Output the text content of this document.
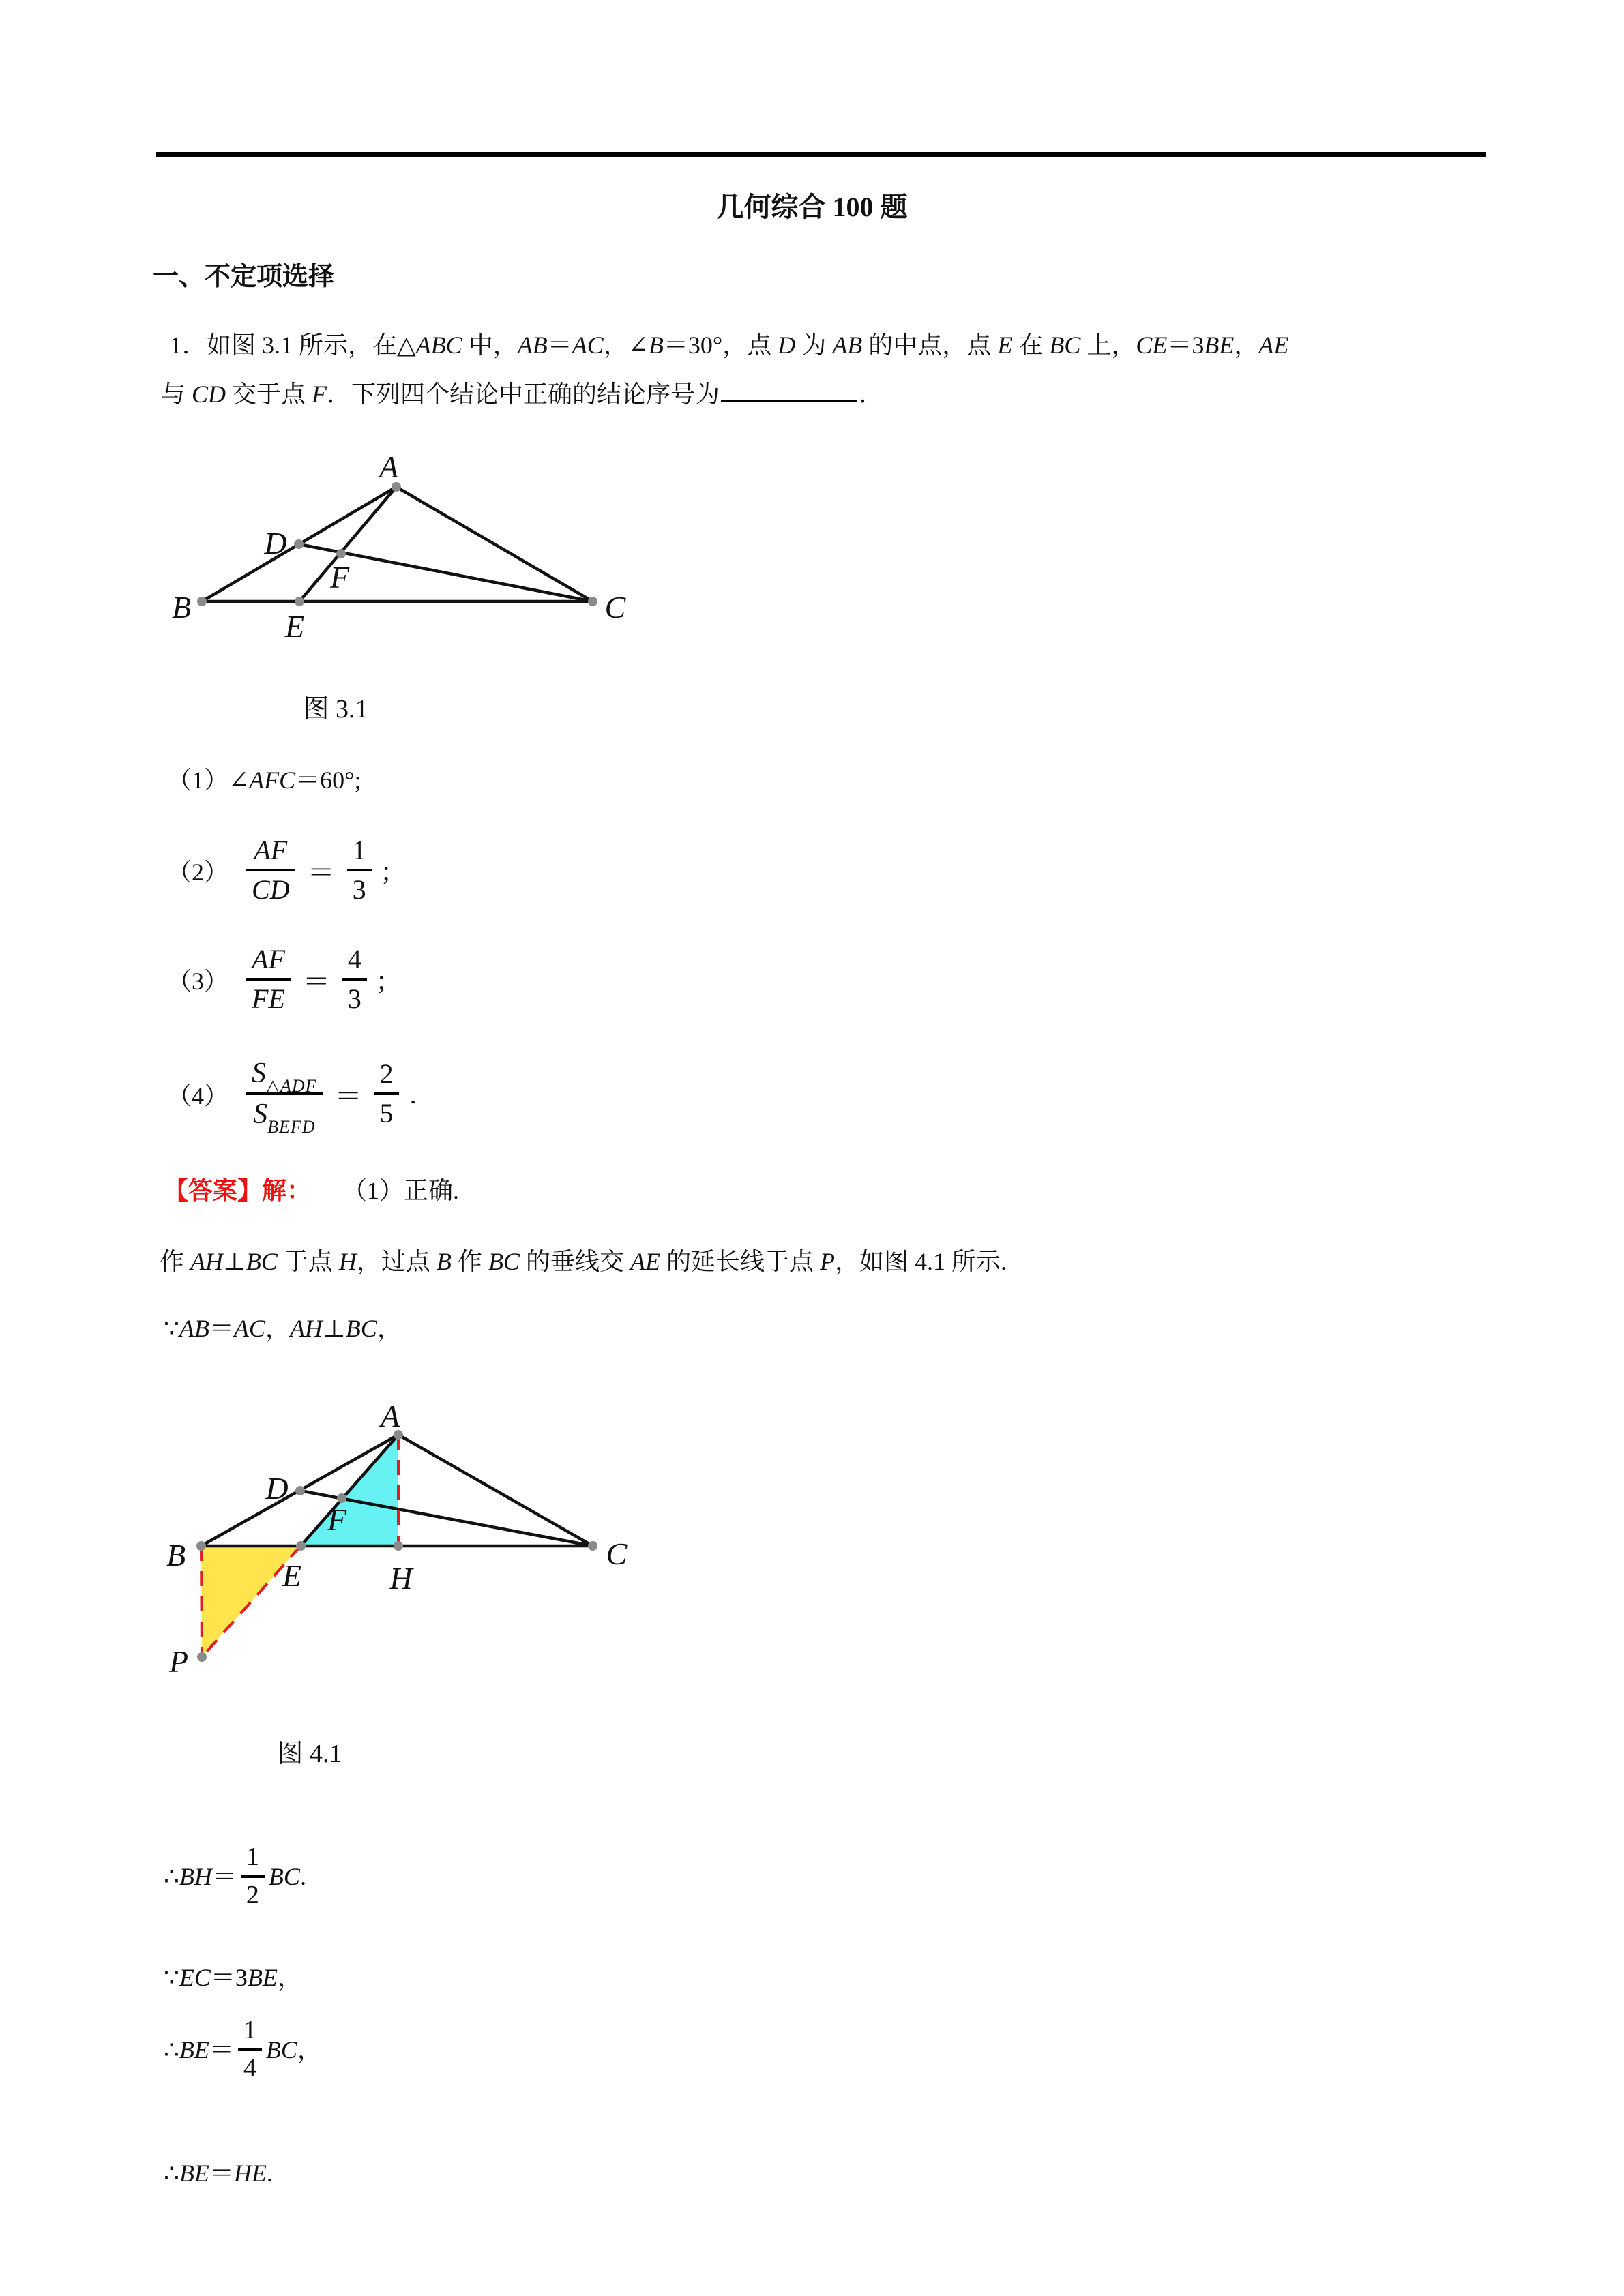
几何综合 100 题
一、不定项选择
1．如图 3.1 所示，在△ABC 中，AB＝AC，∠B＝30°，点 D 为 AB 的中点，点 E 在 BC 上，CE＝3BE，AE
与 CD 交于点 F．下列四个结论中正确的结论序号为	．
A
D
F
B
E
C
图 3.1
（1）∠AFC＝60°;
$(2) \frac{AF}{CD} = \frac{1}{3}$ ;
$(3) \frac{AF}{FE} = \frac{4}{3}$ ;
$(4) \frac{S_{\triangle ADF}}{S_{BEFD}} = \frac{2}{5}$ .
【答案】解： （1）正确.
作 AH⊥BC 于点 H，过点 B 作 BC 的垂线交 AE 的延长线于点 P，如图 4.1 所示.
∵AB＝AC，AH⊥BC，
A
D
F
B
E	H
C
P
图 4.1
∴BH＝ $\frac{1}{2}$ BC.
∵EC＝3BE，
∴BE＝ $\frac{1}{4}$ BC，
∴BE＝HE.
